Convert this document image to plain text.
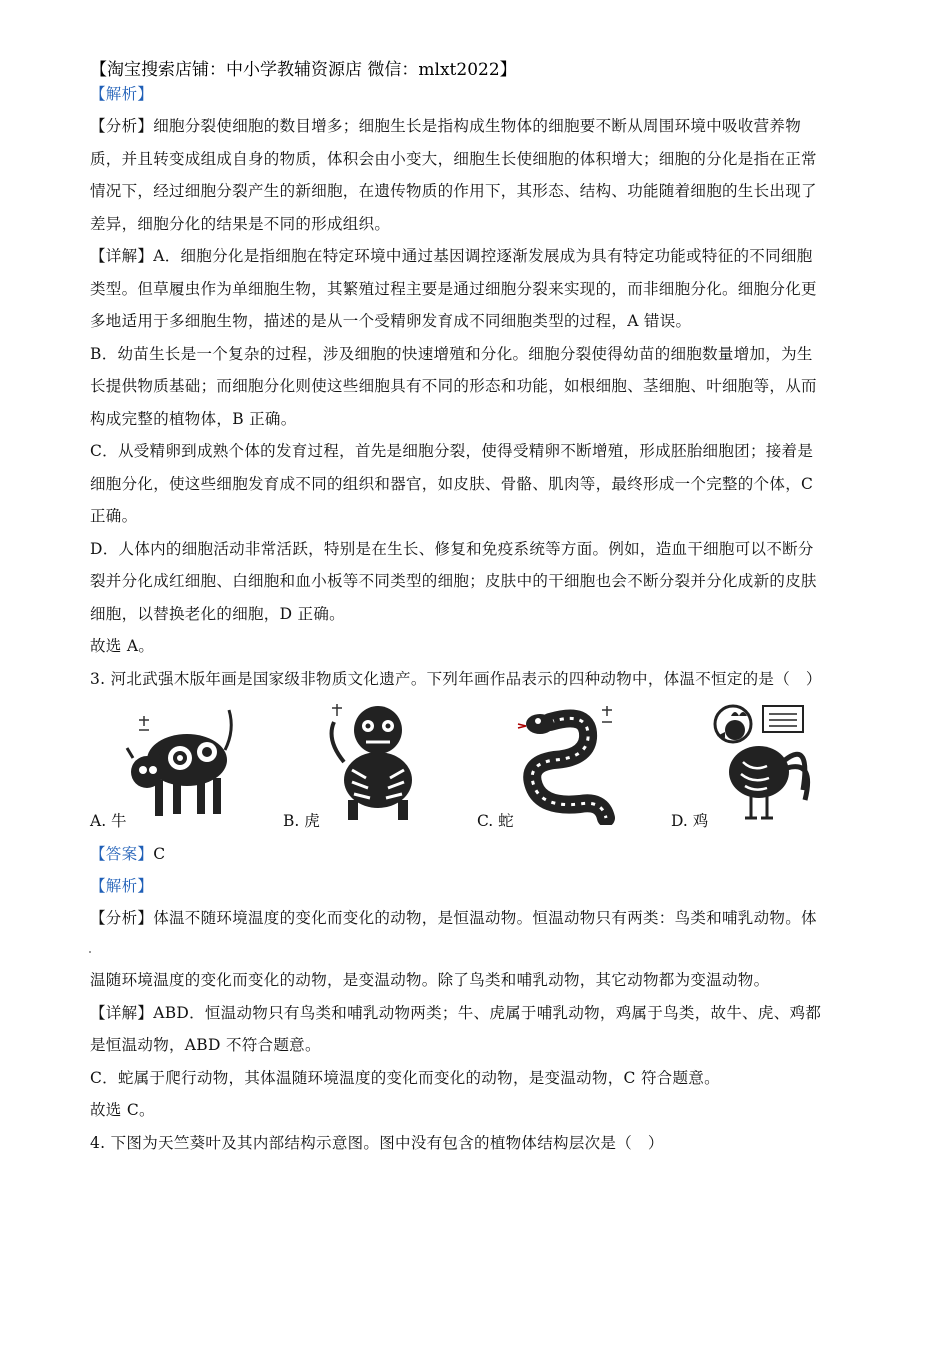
【淘宝搜索店铺：中小学教辅资源店 微信：mlxt2022】
【解析】
【分析】细胞分裂使细胞的数目增多；细胞生长是指构成生物体的细胞要不断从周围环境中吸收营养物
质，并且转变成组成自身的物质，体积会由小变大，细胞生长使细胞的体积增大；细胞的分化是指在正常
情况下，经过细胞分裂产生的新细胞，在遗传物质的作用下，其形态、结构、功能随着细胞的生长出现了
差异，细胞分化的结果是不同的形成组织。
【详解】A．细胞分化是指细胞在特定环境中通过基因调控逐渐发展成为具有特定功能或特征的不同细胞
类型。但草履虫作为单细胞生物，其繁殖过程主要是通过细胞分裂来实现的，而非细胞分化。细胞分化更
多地适用于多细胞生物，描述的是从一个受精卵发育成不同细胞类型的过程，A 错误。
B．幼苗生长是一个复杂的过程，涉及细胞的快速增殖和分化。细胞分裂使得幼苗的细胞数量增加，为生
长提供物质基础；而细胞分化则使这些细胞具有不同的形态和功能，如根细胞、茎细胞、叶细胞等，从而
构成完整的植物体，B 正确。
C．从受精卵到成熟个体的发育过程，首先是细胞分裂，使得受精卵不断增殖，形成胚胎细胞团；接着是
细胞分化，使这些细胞发育成不同的组织和器官，如皮肤、骨骼、肌肉等，最终形成一个完整的个体，C
正确。
D．人体内的细胞活动非常活跃，特别是在生长、修复和免疫系统等方面。例如，造血干细胞可以不断分
裂并分化成红细胞、白细胞和血小板等不同类型的细胞；皮肤中的干细胞也会不断分裂并分化成新的皮肤
细胞，以替换老化的细胞，D 正确。
故选 A。
3. 河北武强木版年画是国家级非物质文化遗产。下列年画作品表示的四种动物中，体温不恒定的是（　）
A. 牛	B. 虎	C. 蛇	D. 鸡
【答案】C
【解析】
【分析】体温不随环境温度的变化而变化的动物，是恒温动物。恒温动物只有两类：鸟类和哺乳动物。体
温随环境温度的变化而变化的动物，是变温动物。除了鸟类和哺乳动物，其它动物都为变温动物。
【详解】ABD．恒温动物只有鸟类和哺乳动物两类；牛、虎属于哺乳动物，鸡属于鸟类，故牛、虎、鸡都
是恒温动物，ABD 不符合题意。
C．蛇属于爬行动物，其体温随环境温度的变化而变化的动物，是变温动物，C 符合题意。
故选 C。
4. 下图为天竺葵叶及其内部结构示意图。图中没有包含的植物体结构层次是（　）
